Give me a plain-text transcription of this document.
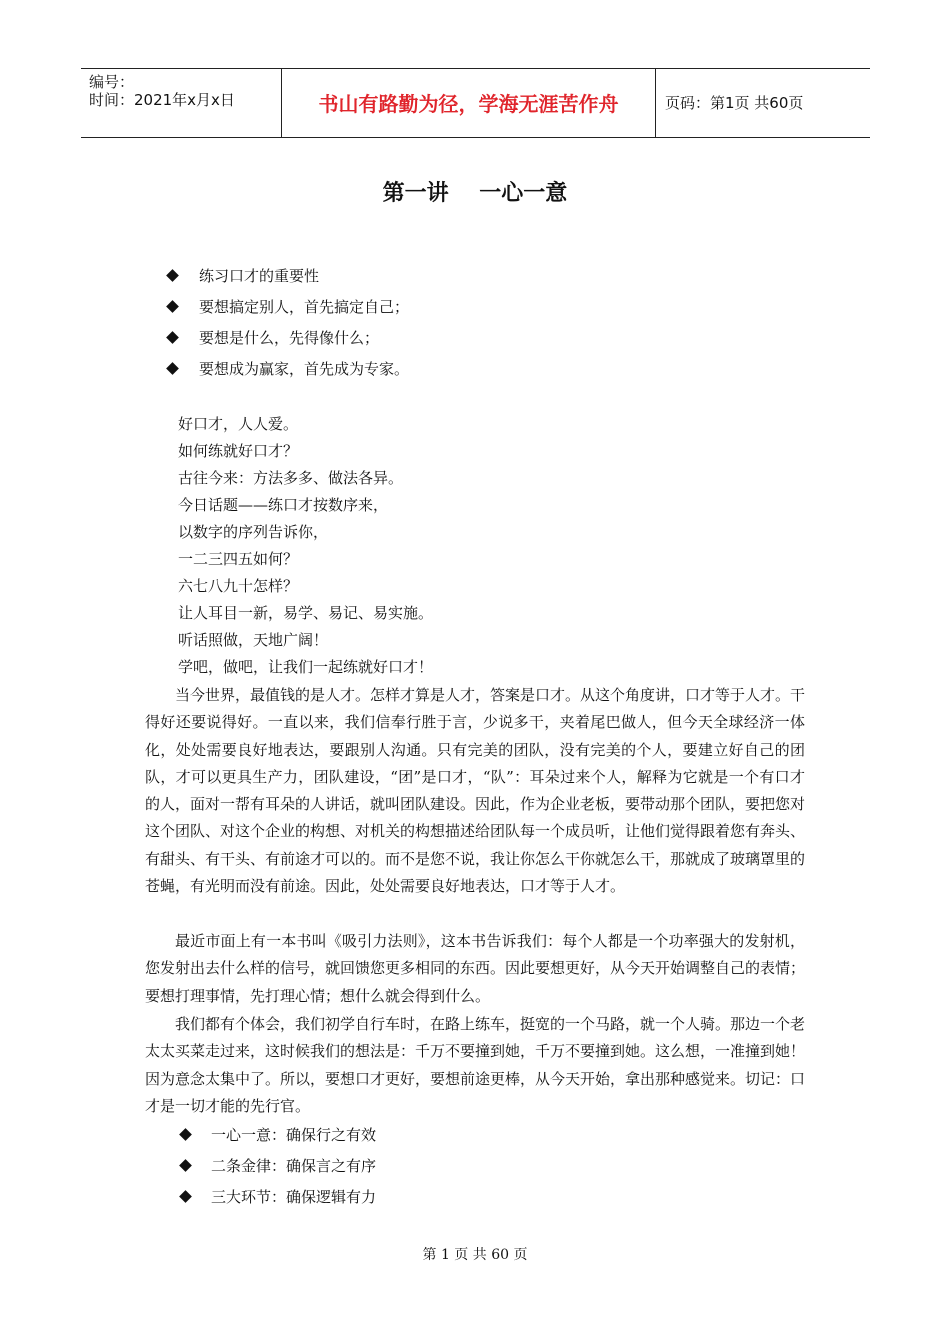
编号：
时间：2021年x月x日	书山有路勤为径，学海无涯苦作舟	页码：第1页 共60页
第一讲    一心一意
练习口才的重要性
要想搞定别人，首先搞定自己；
要想是什么，先得像什么；
要想成为赢家，首先成为专家。
好口才，人人爱。
如何练就好口才？
古往今来：方法多多、做法各异。
今日话题——练口才按数序来，
以数字的序列告诉你，
一二三四五如何？
六七八九十怎样？
让人耳目一新，易学、易记、易实施。
听话照做，天地广阔！
学吧，做吧，让我们一起练就好口才！

当今世界，最值钱的是人才。怎样才算是人才，答案是口才。从这个角度讲，口才等于人才。干得好还要说得好。一直以来，我们信奉行胜于言，少说多干，夹着尾巴做人，但今天全球经济一体化，处处需要良好地表达，要跟别人沟通。只有完美的团队，没有完美的个人，要建立好自己的团队，才可以更具生产力，团队建设，“团”是口才，“队”：耳朵过来个人，解释为它就是一个有口才的人，面对一帮有耳朵的人讲话，就叫团队建设。因此，作为企业老板，要带动那个团队，要把您对这个团队、对这个企业的构想、对机关的构想描述给团队每一个成员听，让他们觉得跟着您有奔头、有甜头、有干头、有前途才可以的。而不是您不说，我让你怎么干你就怎么干，那就成了玻璃罩里的苍蝇，有光明而没有前途。因此，处处需要良好地表达，口才等于人才。

最近市面上有一本书叫《吸引力法则》，这本书告诉我们：每个人都是一个功率强大的发射机，您发射出去什么样的信号，就回馈您更多相同的东西。因此要想更好，从今天开始调整自己的表情；要想打理事情，先打理心情；想什么就会得到什么。

我们都有个体会，我们初学自行车时，在路上练车，挺宽的一个马路，就一个人骑。那边一个老太太买菜走过来，这时候我们的想法是：千万不要撞到她，千万不要撞到她。这么想，一准撞到她！因为意念太集中了。所以，要想口才更好，要想前途更棒，从今天开始，拿出那种感觉来。切记：口才是一切才能的先行官。

一心一意：确保行之有效
二条金律：确保言之有序
三大环节：确保逻辑有力
第 1 页 共 60 页
